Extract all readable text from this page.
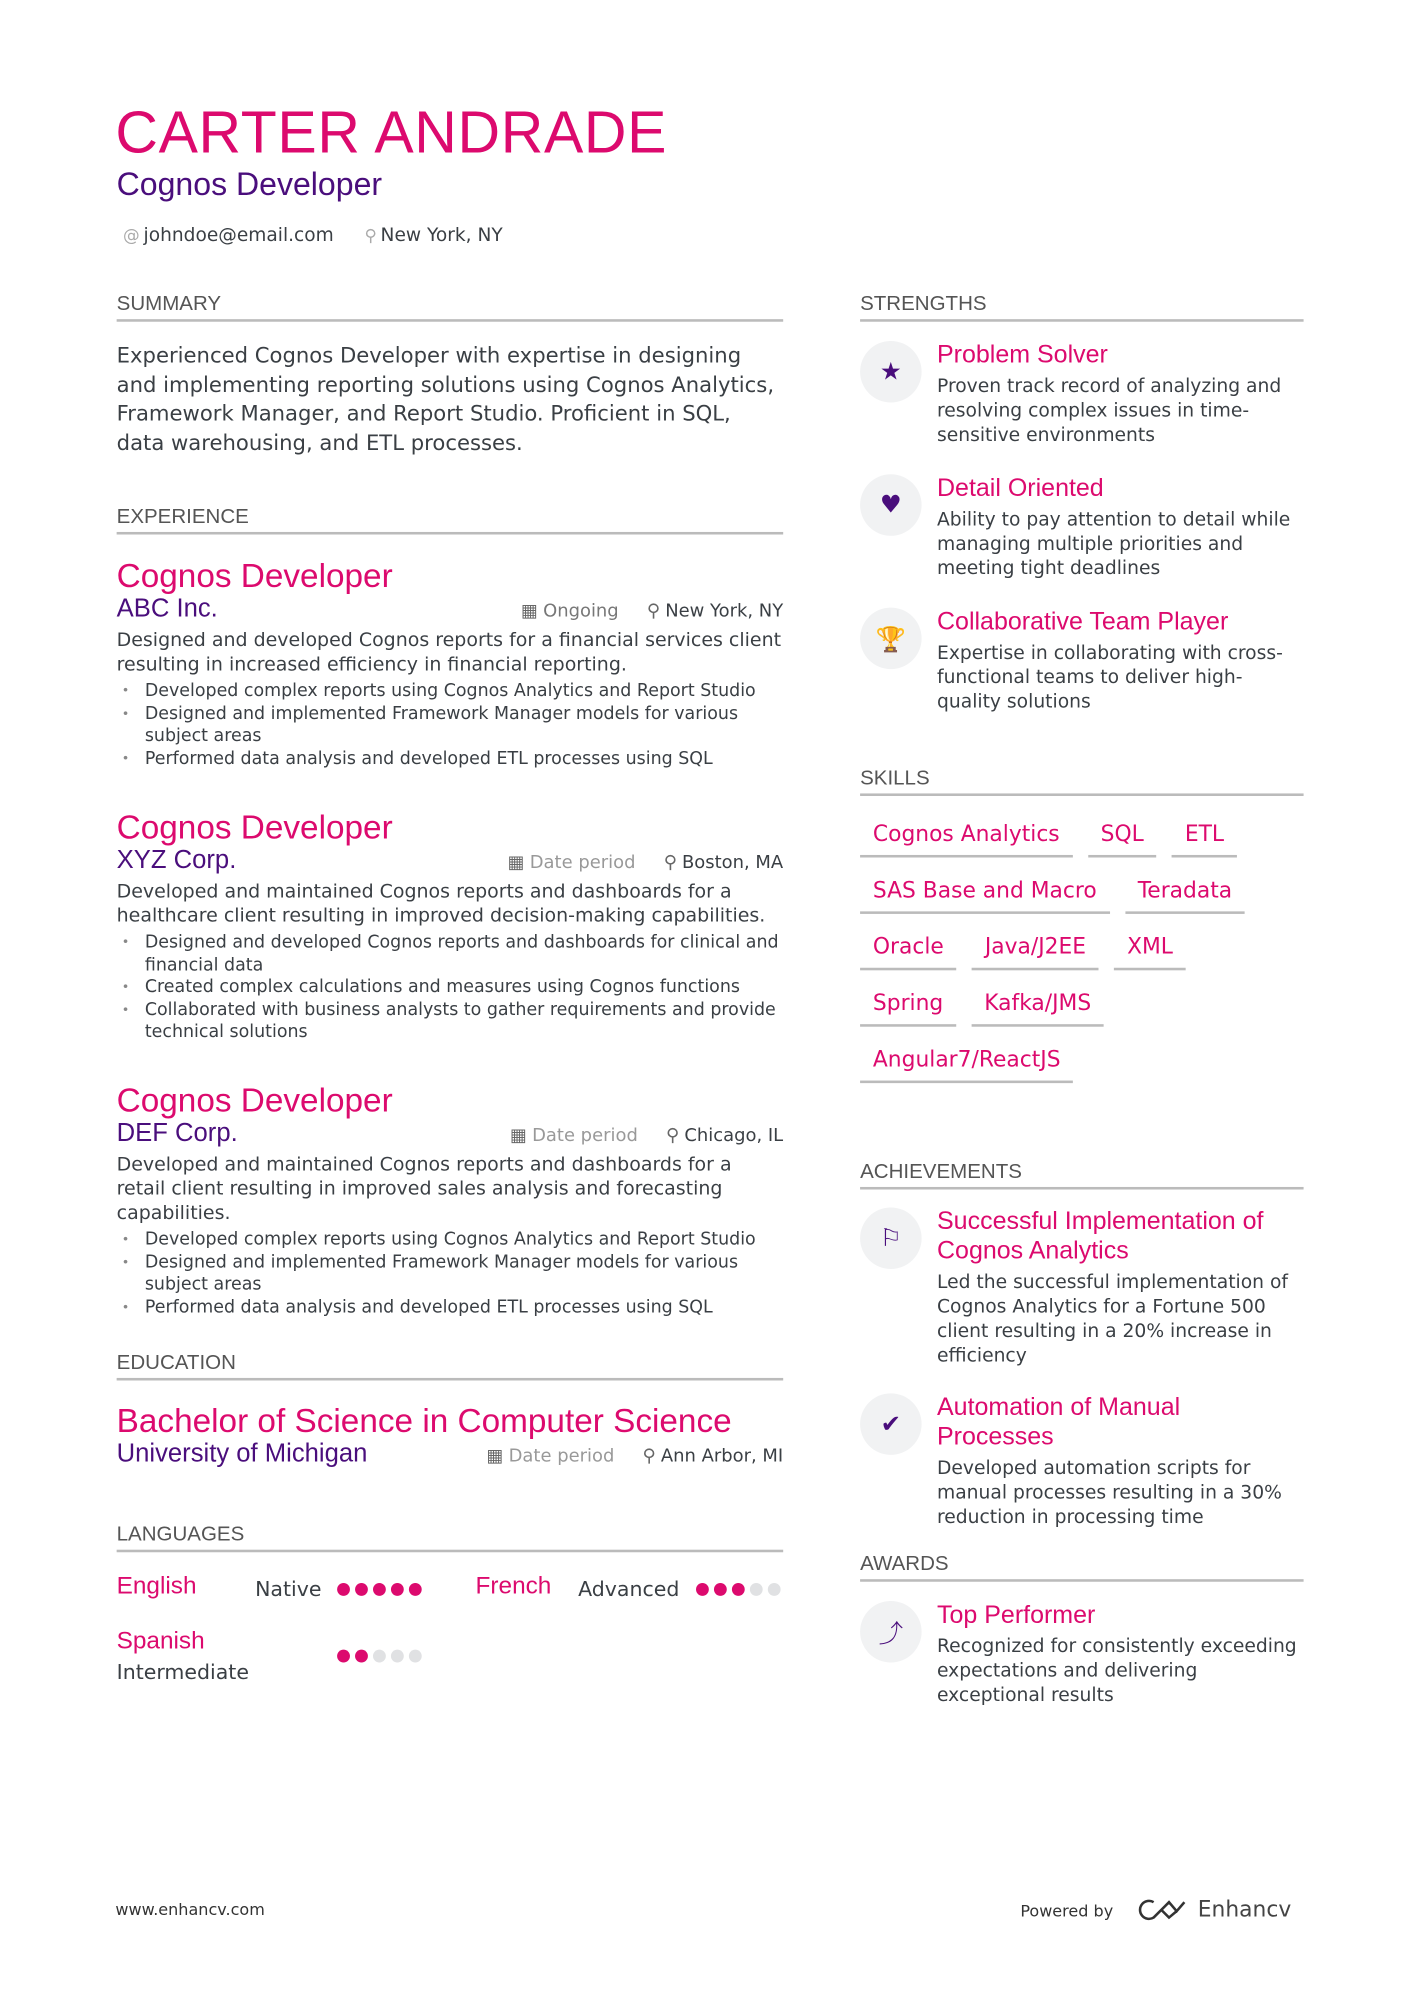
CARTER ANDRADE
Cognos Developer
@ johndoe@email.com ⚲ New York, NY
SUMMARY
Experienced Cognos Developer with expertise in designing and implementing reporting solutions using Cognos Analytics, Framework Manager, and Report Studio. Proficient in SQL, data warehousing, and ETL processes.
EXPERIENCE
EDUCATION
Bachelor of Science in Computer Science
University of Michigan	▦ Date period ⚲ Ann Arbor, MI
LANGUAGES
English	Native	French Advanced
Spanish
Intermediate
STRENGTHS
★
Problem Solver
Proven track record of analyzing and resolving complex issues in time-sensitive environments
♥
Detail Oriented
Ability to pay attention to detail while managing multiple priorities and meeting tight deadlines
🏆
Collaborative Team Player
Expertise in collaborating with cross-functional teams to deliver high-quality solutions
SKILLS
Cognos Analytics	SQL	ETL
SAS Base and Macro	Teradata
Oracle	Java/J2EE	XML
Spring	Kafka/JMS
Angular7/ReactJS
ACHIEVEMENTS
⚐
Successful Implementation of Cognos Analytics
Led the successful implementation of Cognos Analytics for a Fortune 500 client resulting in a 20% increase in efficiency
✔
Automation of Manual Processes
Developed automation scripts for manual processes resulting in a 30% reduction in processing time
AWARDS
⤴
Top Performer
Recognized for consistently exceeding expectations and delivering exceptional results
www.enhancv.com	Powered by	Enhancv
Cognos Developer
ABC Inc.	▦ Ongoing ⚲ New York, NY
Designed and developed Cognos reports for a financial services client resulting in increased efficiency in financial reporting.
• Developed complex reports using Cognos Analytics and Report Studio
• Designed and implemented Framework Manager models for various subject areas
• Performed data analysis and developed ETL processes using SQL
Cognos Developer
XYZ Corp.	▦ Date period ⚲ Boston, MA
Developed and maintained Cognos reports and dashboards for a healthcare client resulting in improved decision-making capabilities.
• Designed and developed Cognos reports and dashboards for clinical and financial data
• Created complex calculations and measures using Cognos functions
• Collaborated with business analysts to gather requirements and provide technical solutions
Cognos Developer
DEF Corp.	▦ Date period ⚲ Chicago, IL
Developed and maintained Cognos reports and dashboards for a retail client resulting in improved sales analysis and forecasting capabilities.
• Developed complex reports using Cognos Analytics and Report Studio
• Designed and implemented Framework Manager models for various subject areas
• Performed data analysis and developed ETL processes using SQL
